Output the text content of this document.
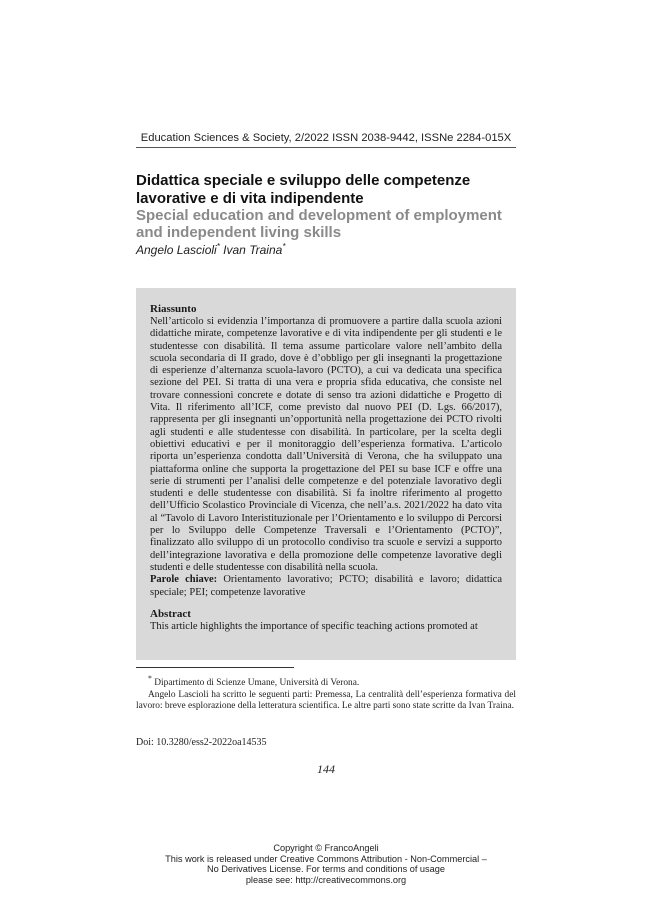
Education Sciences & Society, 2/2022 ISSN 2038-9442, ISSNe 2284-015X
Didattica speciale e sviluppo delle competenze lavorative e di vita indipendente
Special education and development of employment and independent living skills
Angelo Lascioli* Ivan Traina*
Riassunto

Nell’articolo si evidenzia l’importanza di promuovere a partire dalla scuola azioni didattiche mirate, competenze lavorative e di vita indipendente per gli studenti e le studentesse con disabilità. Il tema assume particolare valore nell’ambito della scuola secondaria di II grado, dove è d’obbligo per gli insegnanti la progettazione di esperienze d’alternanza scuola-lavoro (PCTO), a cui va dedicata una specifica sezione del PEI. Si tratta di una vera e propria sfida educativa, che consiste nel trovare connessioni concrete e dotate di senso tra azioni didattiche e Progetto di Vita. Il riferimento all’ICF, come previsto dal nuovo PEI (D. Lgs. 66/2017), rappresenta per gli insegnanti un’opportunità nella progettazione dei PCTO rivolti agli studenti e alle studentesse con disabilità. In particolare, per la scelta degli obiettivi educativi e per il monitoraggio dell’esperienza formativa. L’articolo riporta un’esperienza condotta dall’Università di Verona, che ha sviluppato una piattaforma online che supporta la progettazione del PEI su base ICF e offre una serie di strumenti per l’analisi delle competenze e del potenziale lavorativo degli studenti e delle studentesse con disabilità. Si fa inoltre riferimento al progetto dell’Ufficio Scolastico Provinciale di Vicenza, che nell’a.s. 2021/2022 ha dato vita al “Tavolo di Lavoro Interistituzionale per l’Orientamento e lo sviluppo di Percorsi per lo Sviluppo delle Competenze Traversali e l’Orientamento (PCTO)”, finalizzato allo sviluppo di un protocollo condiviso tra scuole e servizi a supporto dell’integrazione lavorativa e della promozione delle competenze lavorative degli studenti e delle studentesse con disabilità nella scuola.

Parole chiave: Orientamento lavorativo; PCTO; disabilità e lavoro; didattica speciale; PEI; competenze lavorative

Abstract

This article highlights the importance of specific teaching actions promoted at

* Dipartimento di Scienze Umane, Università di Verona.

Angelo Lascioli ha scritto le seguenti parti: Premessa, La centralità dell’esperienza formativa del lavoro: breve esplorazione della letteratura scientifica. Le altre parti sono state scritte da Ivan Traina.

Doi: 10.3280/ess2-2022oa14535
144
Copyright © FrancoAngeli
This work is released under Creative Commons Attribution - Non-Commercial –
No Derivatives License. For terms and conditions of usage
please see: http://creativecommons.org
